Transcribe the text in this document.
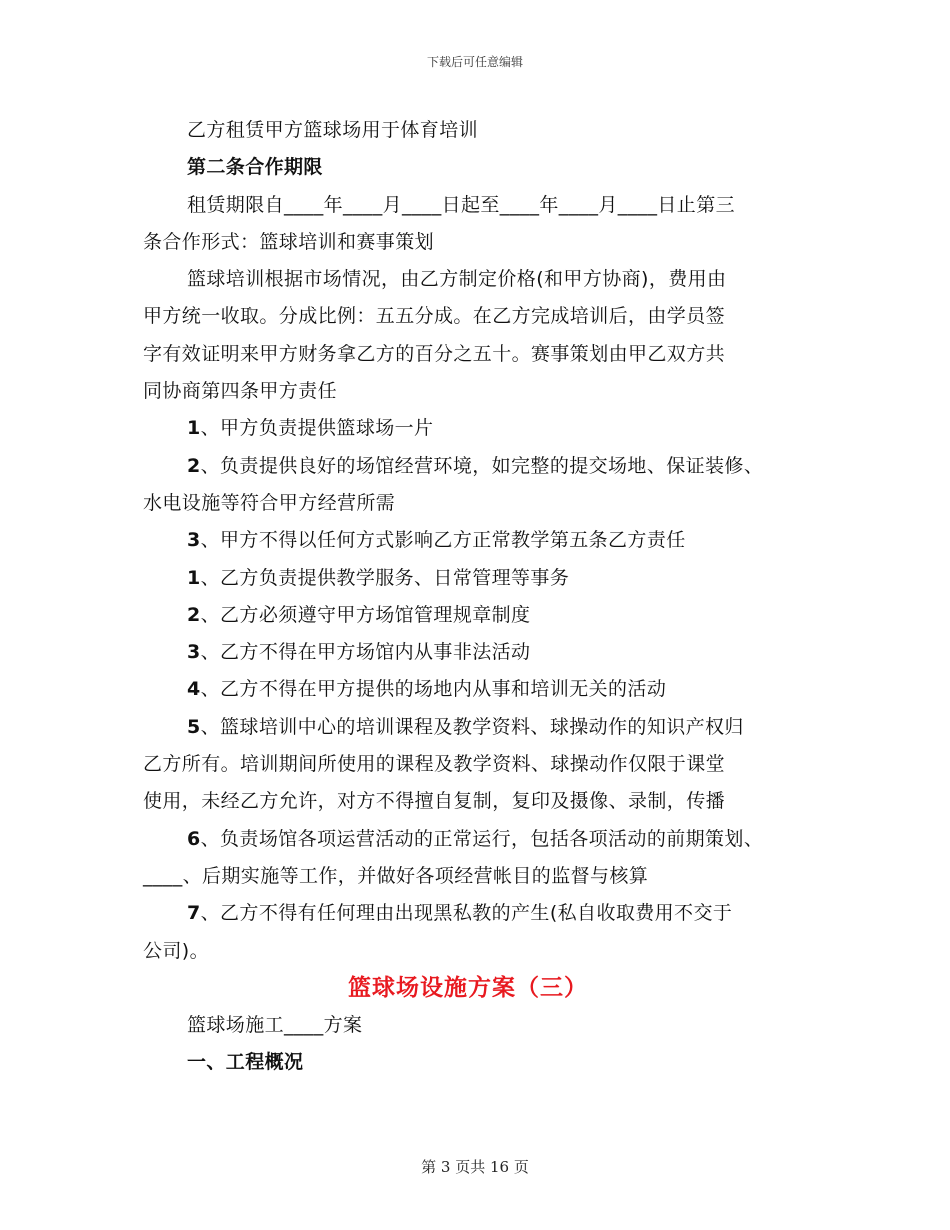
下载后可任意编辑

乙方租赁甲方篮球场用于体育培训

第二条合作期限

租赁期限自____年____月____日起至____年____月____日止第三

条合作形式：篮球培训和赛事策划

篮球培训根据市场情况，由乙方制定价格(和甲方协商)，费用由

甲方统一收取。分成比例：五五分成。在乙方完成培训后，由学员签

字有效证明来甲方财务拿乙方的百分之五十。赛事策划由甲乙双方共

同协商第四条甲方责任

1、甲方负责提供篮球场一片

2、负责提供良好的场馆经营环境，如完整的提交场地、保证装修、

水电设施等符合甲方经营所需

3、甲方不得以任何方式影响乙方正常教学第五条乙方责任

1、乙方负责提供教学服务、日常管理等事务

2、乙方必须遵守甲方场馆管理规章制度

3、乙方不得在甲方场馆内从事非法活动

4、乙方不得在甲方提供的场地内从事和培训无关的活动

5、篮球培训中心的培训课程及教学资料、球操动作的知识产权归

乙方所有。培训期间所使用的课程及教学资料、球操动作仅限于课堂

使用，未经乙方允许，对方不得擅自复制，复印及摄像、录制，传播

6、负责场馆各项运营活动的正常运行，包括各项活动的前期策划、

____、后期实施等工作，并做好各项经营帐目的监督与核算

7、乙方不得有任何理由出现黑私教的产生(私自收取费用不交于

公司)。

篮球场设施方案（三）

篮球场施工____方案

一、工程概况

第 3 页共 16 页
